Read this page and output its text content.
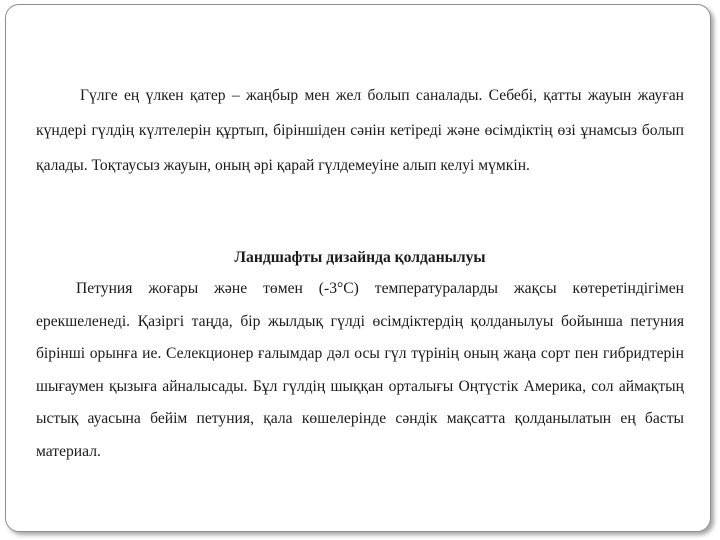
Гүлге ең үлкен қатер – жаңбыр мен жел болып саналады. Себебі, қатты жауын жауған күндері гүлдің күлтелерін құртып, біріншіден сәнін кетіреді және өсімдіктің өзі ұнамсыз болып қалады. Тоқтаусыз жауын, оның әрі қарай гүлдемеуіне алып келуі мүмкін.

Ландшафты дизайнда қолданылуы

Петуния жоғары және төмен (-3°С) температураларды жақсы көтеретіндігімен ерекшеленеді. Қазіргі таңда, бір жылдық гүлді өсімдіктердің қолданылуы бойынша петуния бірінші орынға ие. Селекционер ғалымдар дәл осы гүл түрінің оның жаңа сорт пен гибридтерін шығаумен қызыға айналысады. Бұл гүлдің шыққан орталығы Оңтүстік Америка, сол аймақтың ыстық ауасына бейім петуния, қала көшелерінде сәндік мақсатта қолданылатын ең басты материал.
